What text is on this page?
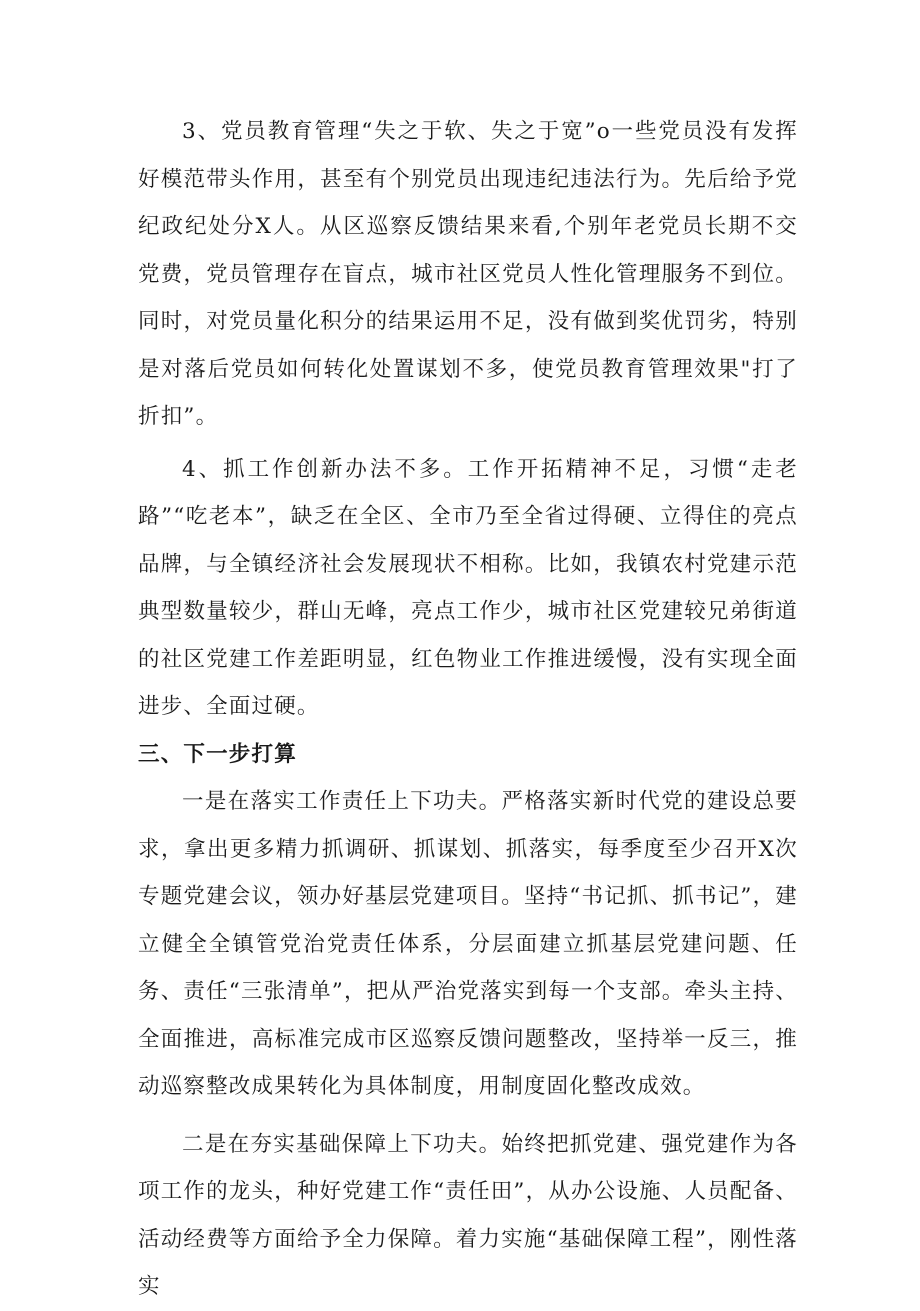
3、党员教育管理“失之于软、失之于宽”o一些党员没有发挥好模范带头作用，甚至有个别党员出现违纪违法行为。先后给予党纪政纪处分X人。从区巡察反馈结果来看,个别年老党员长期不交党费，党员管理存在盲点，城市社区党员人性化管理服务不到位。同时，对党员量化积分的结果运用不足，没有做到奖优罚劣，特别是对落后党员如何转化处置谋划不多，使党员教育管理效果"打了折扣”。

4、抓工作创新办法不多。工作开拓精神不足，习惯“走老路”“吃老本”，缺乏在全区、全市乃至全省过得硬、立得住的亮点品牌，与全镇经济社会发展现状不相称。比如，我镇农村党建示范典型数量较少，群山无峰，亮点工作少，城市社区党建较兄弟街道的社区党建工作差距明显，红色物业工作推进缓慢，没有实现全面进步、全面过硬。

三、下一步打算

一是在落实工作责任上下功夫。严格落实新时代党的建设总要求，拿出更多精力抓调研、抓谋划、抓落实，每季度至少召开X次专题党建会议，领办好基层党建项目。坚持“书记抓、抓书记”，建立健全全镇管党治党责任体系，分层面建立抓基层党建问题、任务、责任“三张清单”，把从严治党落实到每一个支部。牵头主持、全面推进，高标准完成市区巡察反馈问题整改，坚持举一反三，推动巡察整改成果转化为具体制度，用制度固化整改成效。

二是在夯实基础保障上下功夫。始终把抓党建、强党建作为各项工作的龙头，种好党建工作“责任田”，从办公设施、人员配备、活动经费等方面给予全力保障。着力实施“基础保障工程”，刚性落实
